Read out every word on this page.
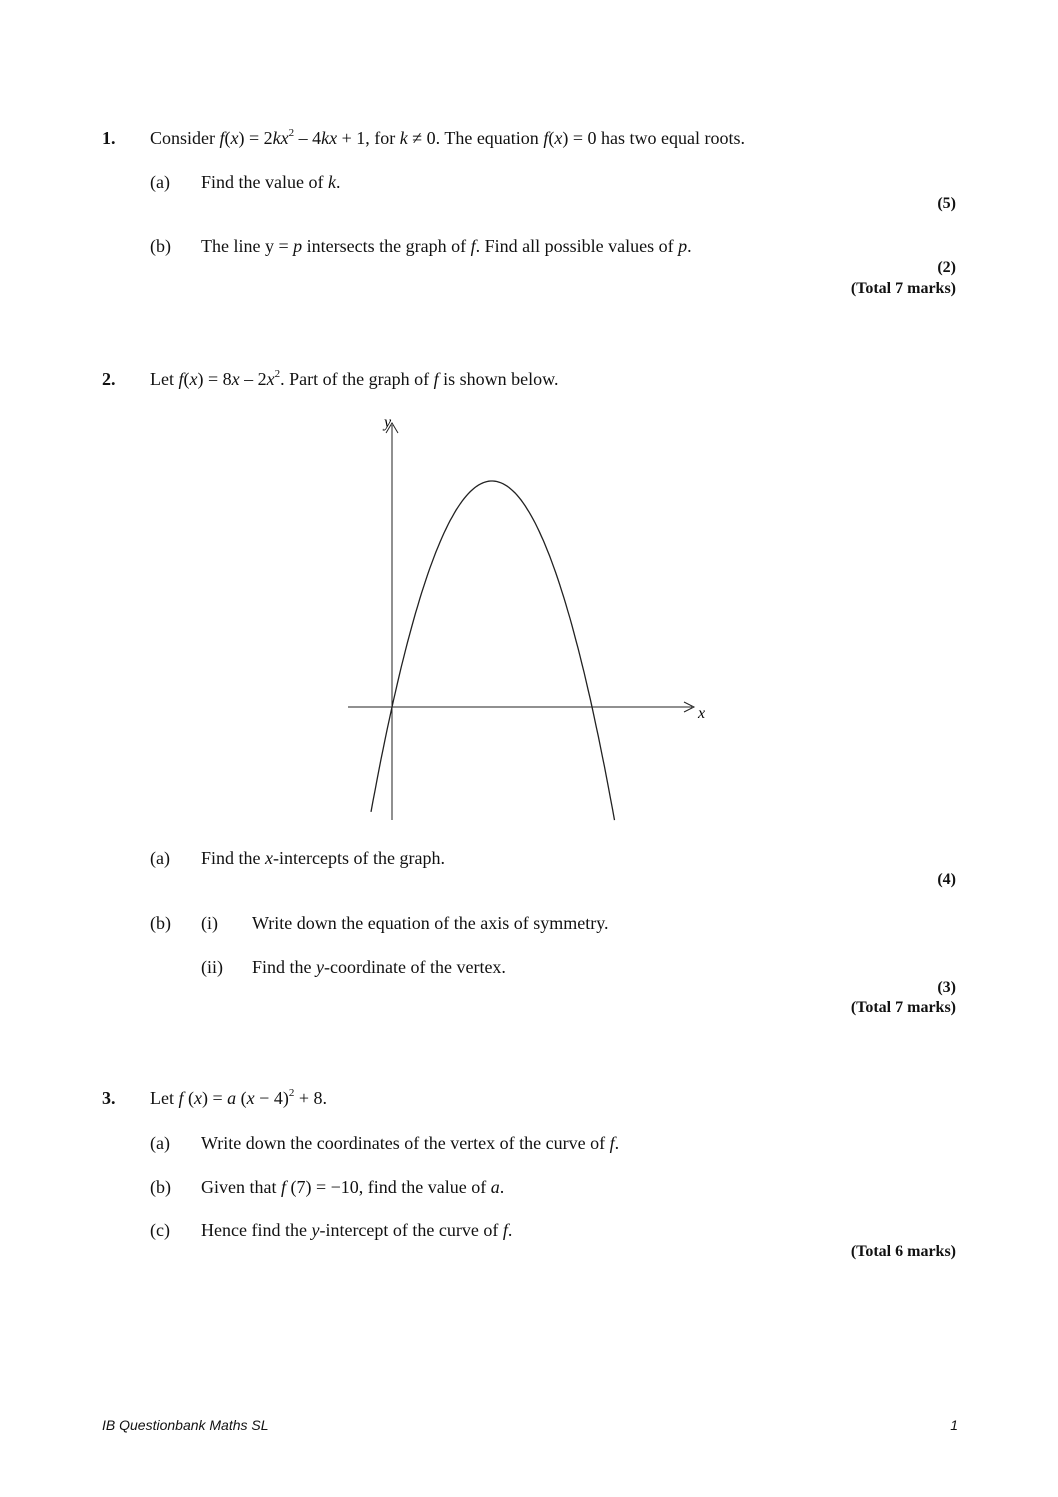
1. Consider $f(x) = 2kx^2 - 4kx + 1$, for k ≠ 0. The equation f(x) = 0 has two equal roots.
(a) Find the value of k.
(5)
(b) The line y = p intersects the graph of f. Find all possible values of p.
(2)
(Total 7 marks)
2. Let $f(x) = 8x - 2x^2$. Part of the graph of f is shown below.
y
x
(a) Find the x-intercepts of the graph.
(4)
(b) (i) Write down the equation of the axis of symmetry.
(ii) Find the y-coordinate of the vertex.
(3)
(Total 7 marks)
3. Let f (x) = a $(x - 4)^2 + 8$.
(a) Write down the coordinates of the vertex of the curve of f.
(b) Given that f (7) = −10, find the value of a.
(c) Hence find the y-intercept of the curve of f.
(Total 6 marks)
IB Questionbank Maths SL	1
